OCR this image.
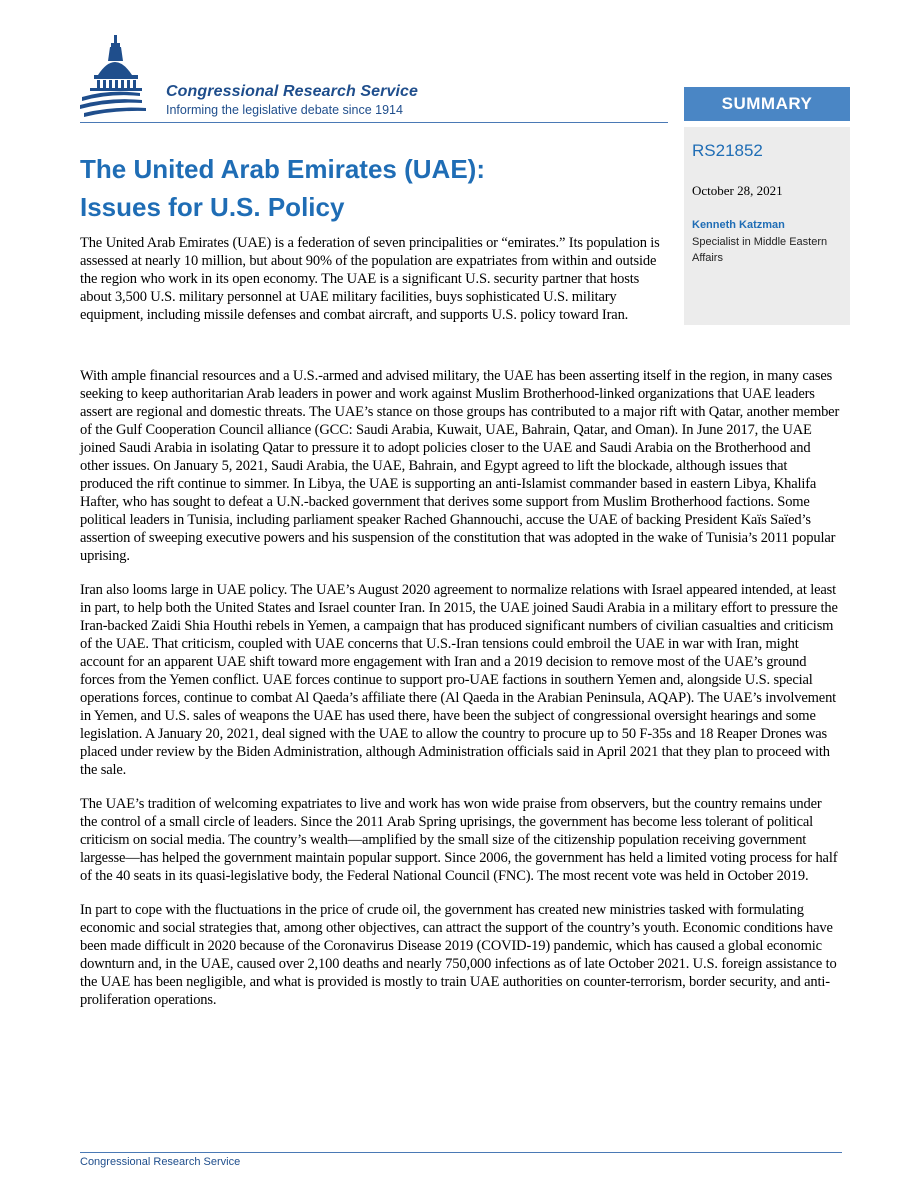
Congressional Research Service
Informing the legislative debate since 1914	SUMMARY
RS21852
October 28, 2021
Kenneth Katzman
Specialist in Middle Eastern Affairs
The United Arab Emirates (UAE):
Issues for U.S. Policy

The United Arab Emirates (UAE) is a federation of seven principalities or “emirates.” Its population is assessed at nearly 10 million, but about 90% of the population are expatriates from within and outside the region who work in its open economy. The UAE is a significant U.S. security partner that hosts about 3,500 U.S. military personnel at UAE military facilities, buys sophisticated U.S. military equipment, including missile defenses and combat aircraft, and supports U.S. policy toward Iran.

With ample financial resources and a U.S.-armed and advised military, the UAE has been asserting itself in the region, in many cases seeking to keep authoritarian Arab leaders in power and work against Muslim Brotherhood-linked organizations that UAE leaders assert are regional and domestic threats. The UAE’s stance on those groups has contributed to a major rift with Qatar, another member of the Gulf Cooperation Council alliance (GCC: Saudi Arabia, Kuwait, UAE, Bahrain, Qatar, and Oman). In June 2017, the UAE joined Saudi Arabia in isolating Qatar to pressure it to adopt policies closer to the UAE and Saudi Arabia on the Brotherhood and other issues. On January 5, 2021, Saudi Arabia, the UAE, Bahrain, and Egypt agreed to lift the blockade, although issues that produced the rift continue to simmer. In Libya, the UAE is supporting an anti-Islamist commander based in eastern Libya, Khalifa Hafter, who has sought to defeat a U.N.-backed government that derives some support from Muslim Brotherhood factions. Some political leaders in Tunisia, including parliament speaker Rached Ghannouchi, accuse the UAE of backing President Kaïs Saïed’s assertion of sweeping executive powers and his suspension of the constitution that was adopted in the wake of Tunisia’s 2011 popular uprising.

Iran also looms large in UAE policy. The UAE’s August 2020 agreement to normalize relations with Israel appeared intended, at least in part, to help both the United States and Israel counter Iran. In 2015, the UAE joined Saudi Arabia in a military effort to pressure the Iran-backed Zaidi Shia Houthi rebels in Yemen, a campaign that has produced significant numbers of civilian casualties and criticism of the UAE. That criticism, coupled with UAE concerns that U.S.-Iran tensions could embroil the UAE in war with Iran, might account for an apparent UAE shift toward more engagement with Iran and a 2019 decision to remove most of the UAE’s ground forces from the Yemen conflict. UAE forces continue to support pro-UAE factions in southern Yemen and, alongside U.S. special operations forces, continue to combat Al Qaeda’s affiliate there (Al Qaeda in the Arabian Peninsula, AQAP). The UAE’s involvement in Yemen, and U.S. sales of weapons the UAE has used there, have been the subject of congressional oversight hearings and some legislation. A January 20, 2021, deal signed with the UAE to allow the country to procure up to 50 F-35s and 18 Reaper Drones was placed under review by the Biden Administration, although Administration officials said in April 2021 that they plan to proceed with the sale.

The UAE’s tradition of welcoming expatriates to live and work has won wide praise from observers, but the country remains under the control of a small circle of leaders. Since the 2011 Arab Spring uprisings, the government has become less tolerant of political criticism on social media. The country’s wealth—amplified by the small size of the citizenship population receiving government largesse—has helped the government maintain popular support. Since 2006, the government has held a limited voting process for half of the 40 seats in its quasi-legislative body, the Federal National Council (FNC). The most recent vote was held in October 2019.

In part to cope with the fluctuations in the price of crude oil, the government has created new ministries tasked with formulating economic and social strategies that, among other objectives, can attract the support of the country’s youth. Economic conditions have been made difficult in 2020 because of the Coronavirus Disease 2019 (COVID-19) pandemic, which has caused a global economic downturn and, in the UAE, caused over 2,100 deaths and nearly 750,000 infections as of late October 2021. U.S. foreign assistance to the UAE has been negligible, and what is provided is mostly to train UAE authorities on counter-terrorism, border security, and anti-proliferation operations.

Congressional Research Service
